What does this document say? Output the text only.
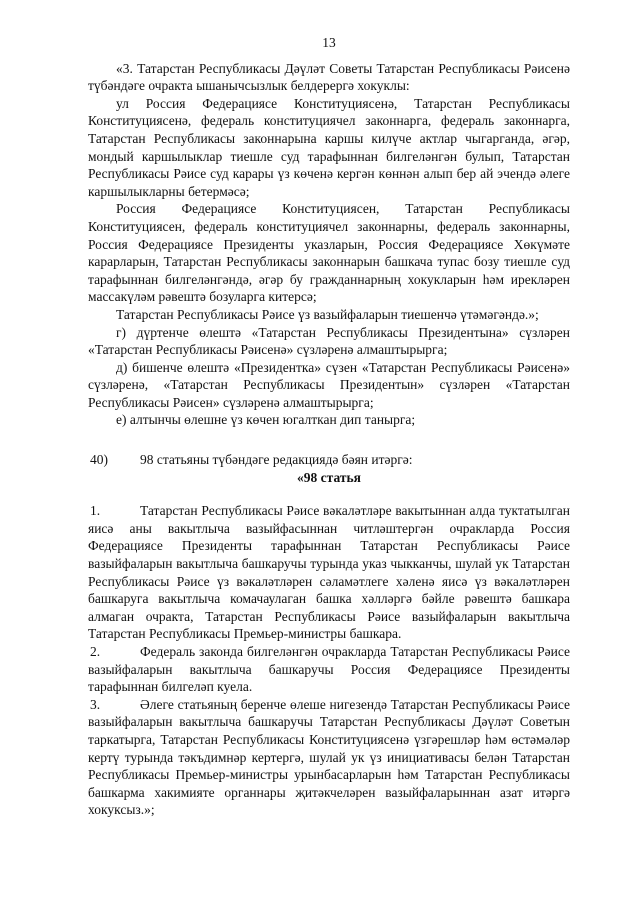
13

«3. Татарстан Республикасы Дәүләт Советы Татарстан Республикасы Рәисенә түбәндәге очракта ышанычсызлык белдерергә хокуклы:

ул Россия Федерациясе Конституциясенә, Татарстан Республикасы Конституциясенә, федераль конституциячел законнарга, федераль законнарга, Татарстан Республикасы законнарына каршы килүче актлар чыгарганда, әгәр, мондый каршылыклар тиешле суд тарафыннан билгеләнгән булып, Татарстан Республикасы Рәисе суд карары үз көченә кергән көннән алып бер ай эчендә әлеге каршылыкларны бетермәсә;

Россия Федерациясе Конституциясен, Татарстан Республикасы Конституциясен, федераль конституциячел законнарны, федераль законнарны, Россия Федерациясе Президенты указларын, Россия Федерациясе Хөкүмәте карарларын, Татарстан Республикасы законнарын башкача тупас бозу тиешле суд тарафыннан билгеләнгәндә, әгәр бу гражданнарның хокукларын һәм ирекләрен массакүләм рәвештә бозуларга китерсә;

Татарстан Республикасы Рәисе үз вазыйфаларын тиешенчә үтәмәгәндә.»;

г) дүртенче өлештә «Татарстан Республикасы Президентына» сүзләрен «Татарстан Республикасы Рәисенә» сүзләренә алмаштырырга;

д) бишенче өлештә «Президентка» сүзен «Татарстан Республикасы Рәисенә» сүзләренә, «Татарстан Республикасы Президентын» сүзләрен «Татарстан Республикасы Рәисен» сүзләренә алмаштырырга;

е) алтынчы өлешне үз көчен югалткан дип танырга;

40) 98 статьяны түбәндәге редакциядә бәян итәргә:

«98 статья

1.	Татарстан Республикасы Рәисе вәкаләтләре вакытыннан алда туктатылган яисә аны вакытлыча вазыйфасыннан читләштергән очракларда Россия Федерациясе Президенты тарафыннан Татарстан Республикасы Рәисе вазыйфаларын вакытлыча башкаручы турында указ чыкканчы, шулай ук Татарстан Республикасы Рәисе үз вәкаләтләрен сәламәтлеге хәленә яисә үз вәкаләтләрен башкаруга вакытлыча комачаулаган башка хәлләргә бәйле рәвештә башкара алмаган очракта, Татарстан Республикасы Рәисе вазыйфаларын вакытлыча Татарстан Республикасы Премьер-министры башкара.

2.	Федераль законда билгеләнгән очракларда Татарстан Республикасы Рәисе вазыйфаларын вакытлыча башкаручы Россия Федерациясе Президенты тарафыннан билгеләп куела.

3.	Әлеге статьяның беренче өлеше нигезендә Татарстан Республикасы Рәисе вазыйфаларын вакытлыча башкаручы Татарстан Республикасы Дәүләт Советын таркатырга, Татарстан Республикасы Конституциясенә үзгәрешләр һәм өстәмәләр кертү турында тәкъдимнәр кертергә, шулай ук үз инициативасы белән Татарстан Республикасы Премьер-министры урынбасарларын һәм Татарстан Республикасы башкарма хакимияте органнары җитәкчеләрен вазыйфаларыннан азат итәргә хокуксыз.»;
